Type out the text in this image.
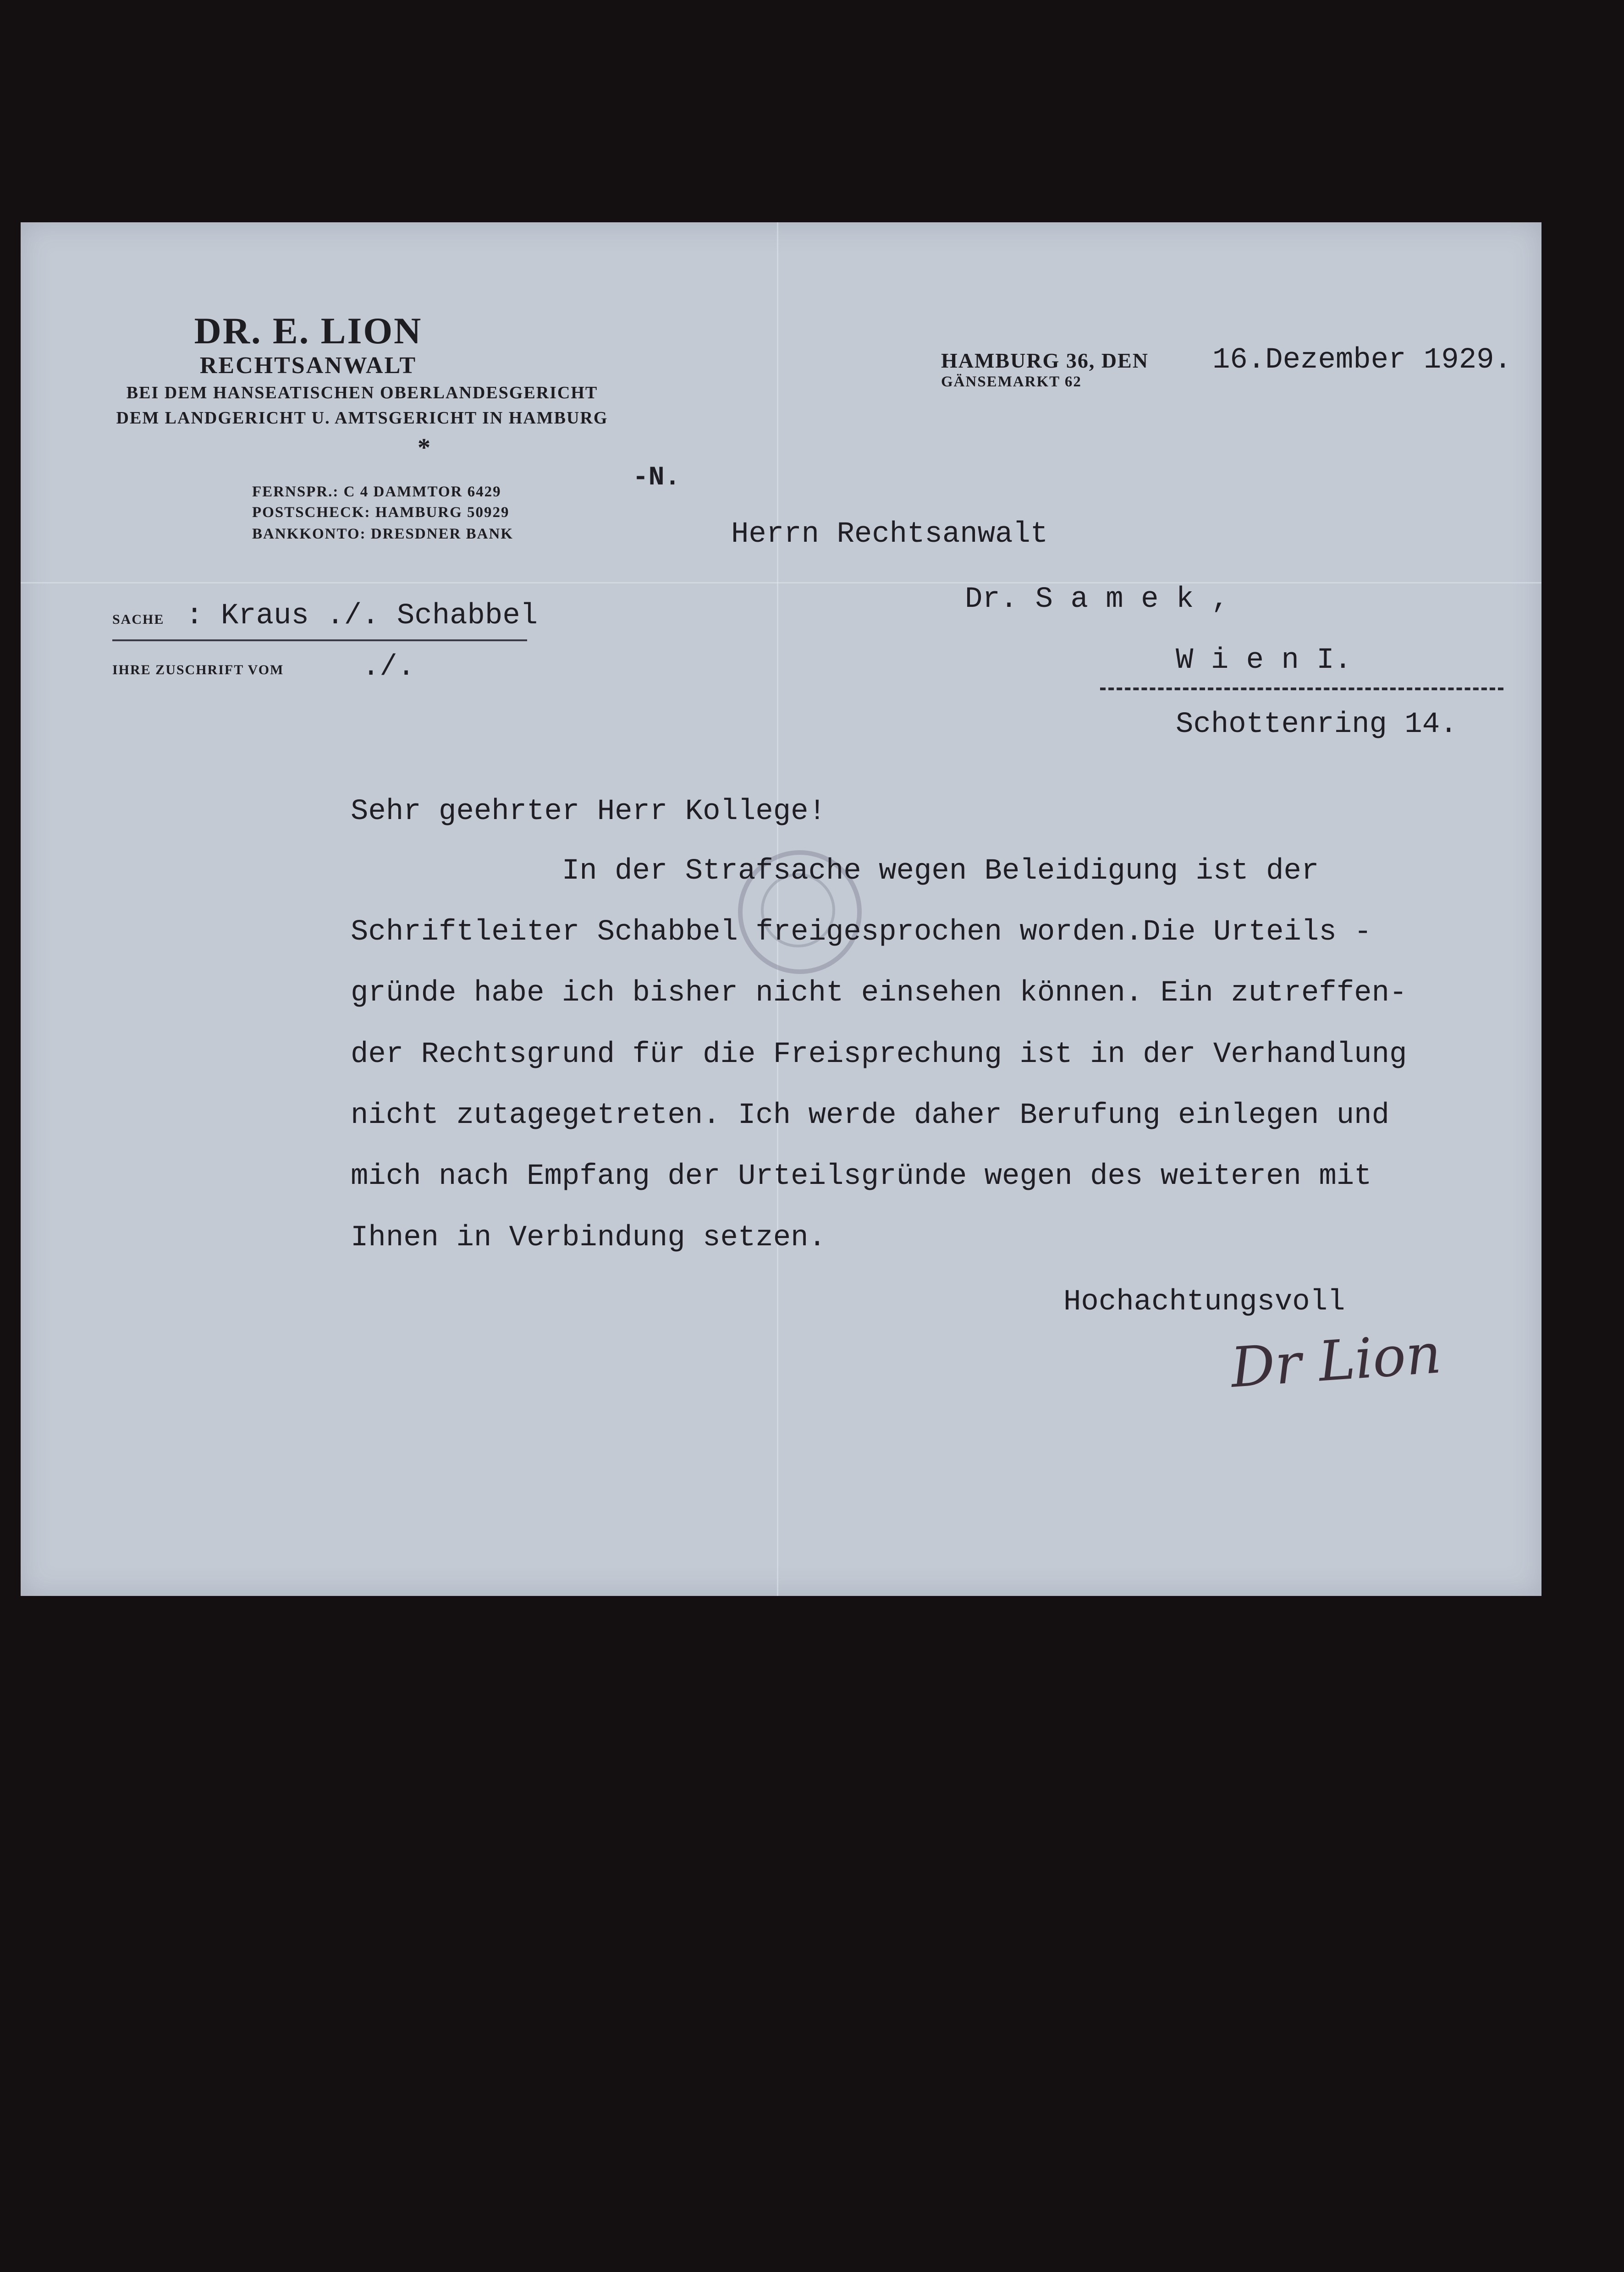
DR. E. LION
RECHTSANWALT
BEI DEM HANSEATISCHEN OBERLANDESGERICHT
DEM LANDGERICHT U. AMTSGERICHT IN HAMBURG
*
FERNSPR.: C 4 DAMMTOR 6429
POSTSCHECK: HAMBURG 50929
BANKKONTO: DRESDNER BANK
-N.
HAMBURG 36, DEN
GÄNSEMARKT 62
16.Dezember 1929.
SACHE : Kraus ./. Schabbel
IHRE ZUSCHRIFT VOM	./.
Herrn Rechtsanwalt
Dr. S a m e k ,
W i e n I.
Schottenring 14.
Sehr geehrter Herr Kollege!
In der Strafsache wegen Beleidigung ist der
Schriftleiter Schabbel freigesprochen worden.Die Urteils -
gründe habe ich bisher nicht einsehen können. Ein zutreffen-
der Rechtsgrund für die Freisprechung ist in der Verhandlung
nicht zutagegetreten. Ich werde daher Berufung einlegen und
mich nach Empfang der Urteilsgründe wegen des weiteren mit
Ihnen in Verbindung setzen.
Hochachtungsvoll
Dr Lion
